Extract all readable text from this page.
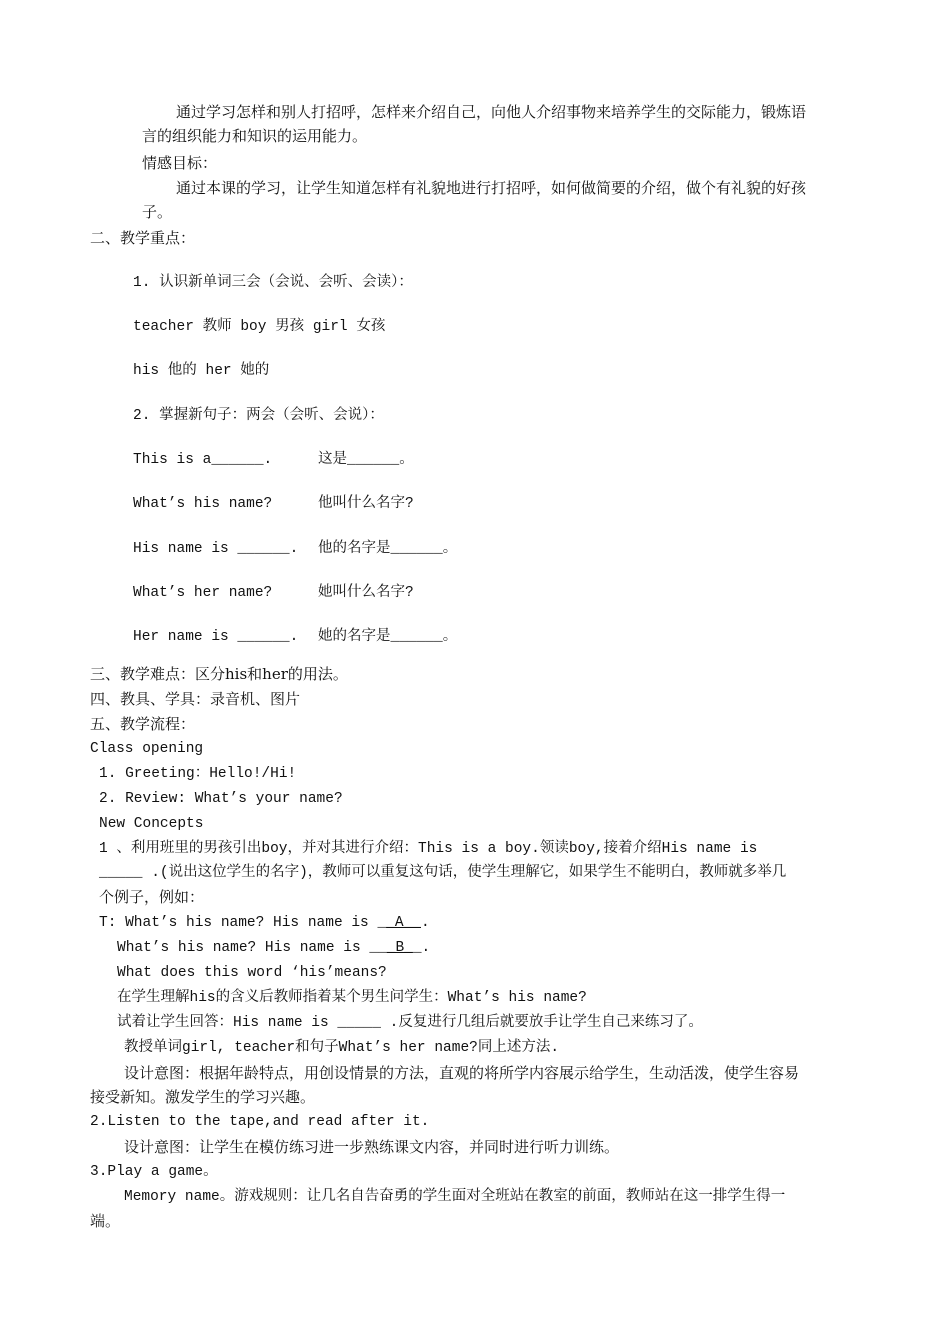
通过学习怎样和别人打招呼，怎样来介绍自己，向他人介绍事物来培养学生的交际能力，锻炼语
言的组织能力和知识的运用能力。
情感目标：
通过本课的学习，让学生知道怎样有礼貌地进行打招呼，如何做简要的介绍，做个有礼貌的好孩
子。
二、教学重点：
1. 认识新单词三会（会说、会听、会读）：
teacher 教师 boy 男孩 girl 女孩
his 他的 her 她的
2. 掌握新句子：两会（会听、会说）：
This is a______.	这是______。
What’s his name?	他叫什么名字?
His name is ______. 他的名字是______。
What’s her name?	她叫什么名字?
Her name is ______. 她的名字是______。
三、教学难点：区分his和her的用法。
四、教具、学具：录音机、图片
五、教学流程：
Class opening
1. Greeting：Hello!/Hi!
2. Review: What’s your name?
New Concepts
1 、利用班里的男孩引出boy，并对其进行介绍：This is a boy.领读boy,接着介绍His name is
_____ .(说出这位学生的名字)，教师可以重复这句话，使学生理解它，如果学生不能明白，教师就多举几
个例子，例如：
T: What’s his name? His name is __A__.
What’s his name? His name is ___B__.
What does this word ‘his’means?
在学生理解his的含义后教师指着某个男生问学生：What’s his name?
试着让学生回答：His name is _____ .反复进行几组后就要放手让学生自己来练习了。
教授单词girl, teacher和句子What’s her name?同上述方法.
设计意图：根据年龄特点，用创设情景的方法，直观的将所学内容展示给学生，生动活泼，使学生容易
接受新知。激发学生的学习兴趣。
2.Listen to the tape,and read after it.
设计意图：让学生在模仿练习进一步熟练课文内容，并同时进行听力训练。
3.Play a game。
Memory name。游戏规则：让几名自告奋勇的学生面对全班站在教室的前面，教师站在这一排学生得一
端。
